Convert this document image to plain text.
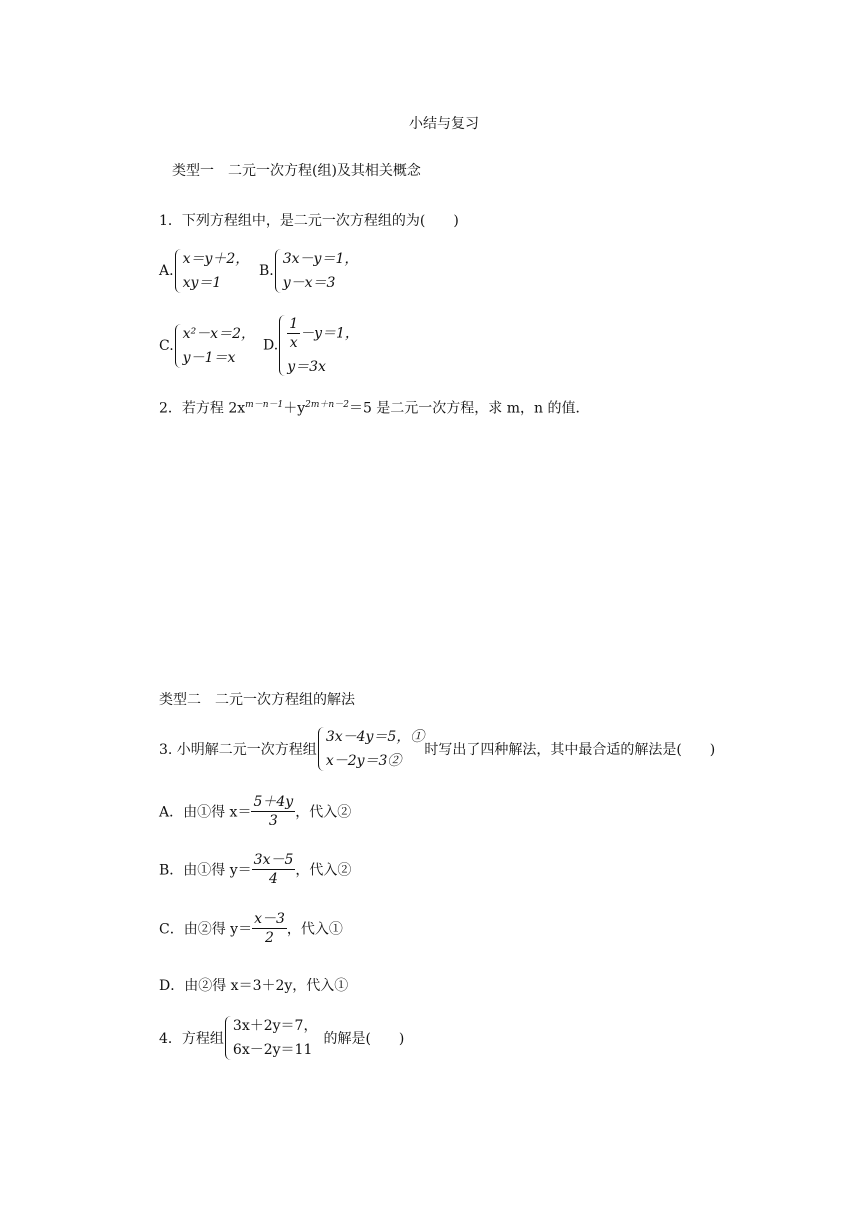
小结与复习
类型一　二元一次方程(组)及其相关概念
1．下列方程组中，是二元一次方程组的为(　　)
A.
x＝y＋2，
xy＝1
B.
3x－y＝1，
y－x＝3
C.
x²－x＝2，
y－1＝x
D. $\frac{1}{x} -y=1$，
y＝3x
2．若方程 $2x^{m-n-1}+y^{2m+n-2}=5$ 是二元一次方程，求 m，n 的值．
类型二　二元一次方程组的解法
3. 小明解二元一次方程组
3x－4y＝5，①
x－2y＝3②
时写出了四种解法，其中最合适的解法是(　　)
A．由①得 $x= \frac{5+4y}{3}$ ，代入②
B．由①得 $y= \frac{3x-5}{4}$ ，代入②
C．由②得 $y= \frac{x-3}{2}$ ，代入①
D．由②得 x＝3＋2y，代入①
4．方程组
3x＋2y＝7，
6x－2y＝11
的解是(　　)
